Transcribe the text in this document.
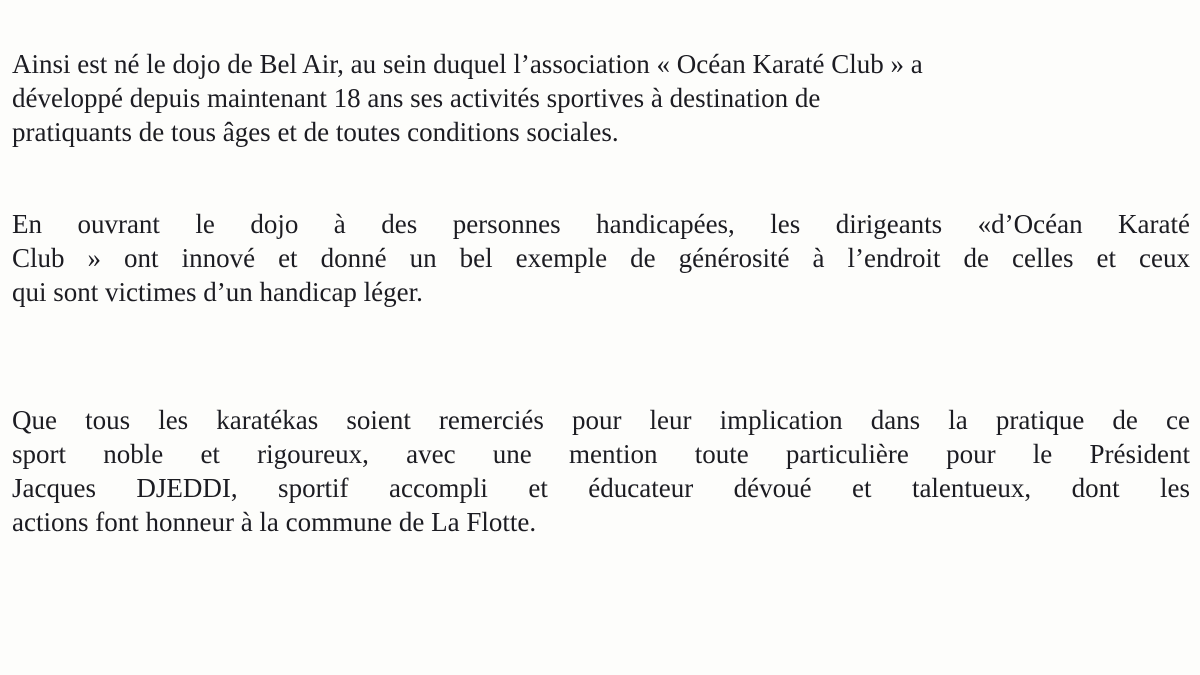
Ainsi est né le dojo de Bel Air, au sein duquel l’association « Océan Karaté Club » a
développé depuis maintenant 18 ans ses activités sportives à destination de
pratiquants de tous âges et de toutes conditions sociales.
En ouvrant le dojo à des personnes handicapées, les dirigeants «d’Océan Karaté
Club » ont innové et donné un bel exemple de générosité à l’endroit de celles et ceux
qui sont victimes d’un handicap léger.
Que tous les karatékas soient remerciés pour leur implication dans la pratique de ce
sport noble et rigoureux, avec une mention toute particulière pour le Président
Jacques DJEDDI, sportif accompli et éducateur dévoué et talentueux, dont les
actions font honneur à la commune de La Flotte.
